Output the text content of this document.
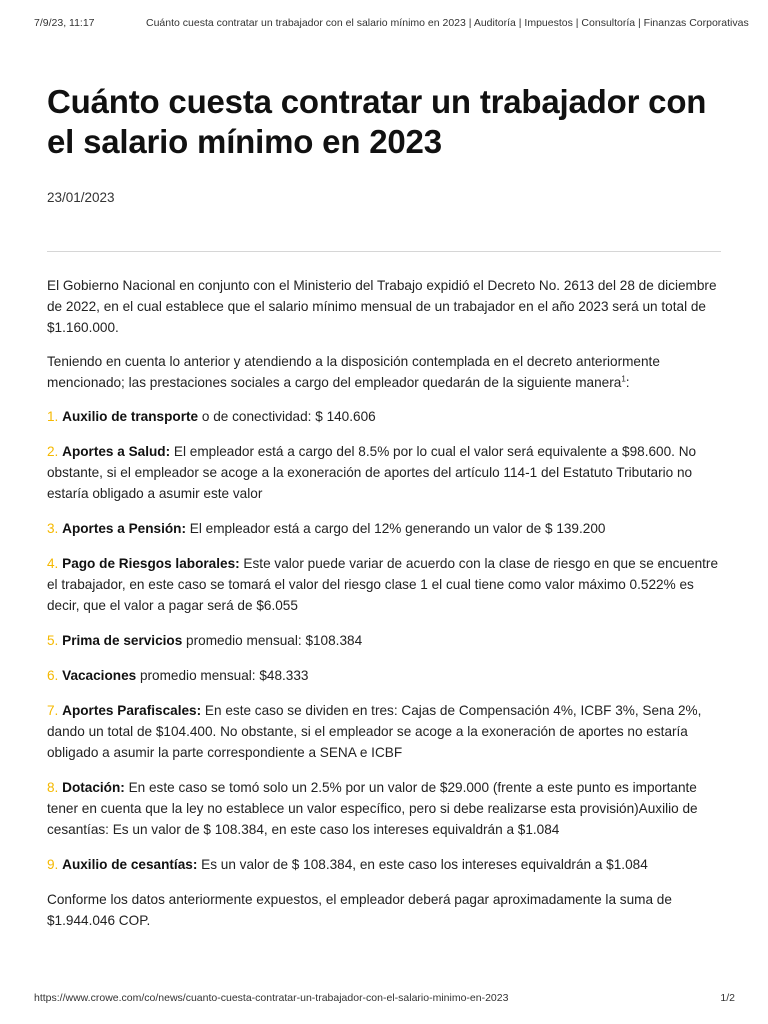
7/9/23, 11:17	Cuánto cuesta contratar un trabajador con el salario mínimo en 2023 | Auditoría | Impuestos | Consultoría | Finanzas Corporativas
Cuánto cuesta contratar un trabajador con el salario mínimo en 2023
23/01/2023

El Gobierno Nacional en conjunto con el Ministerio del Trabajo expidió el Decreto No. 2613 del 28 de diciembre de 2022, en el cual establece que el salario mínimo mensual de un trabajador en el año 2023 será un total de $1.160.000.

Teniendo en cuenta lo anterior y atendiendo a la disposición contemplada en el decreto anteriormente mencionado; las prestaciones sociales a cargo del empleador quedarán de la siguiente manera$^1$:

1. Auxilio de transporte o de conectividad: $ 140.606

2. Aportes a Salud: El empleador está a cargo del 8.5% por lo cual el valor será equivalente a $98.600. No obstante, si el empleador se acoge a la exoneración de aportes del artículo 114-1 del Estatuto Tributario no estaría obligado a asumir este valor

3. Aportes a Pensión: El empleador está a cargo del 12% generando un valor de $ 139.200

4. Pago de Riesgos laborales: Este valor puede variar de acuerdo con la clase de riesgo en que se encuentre el trabajador, en este caso se tomará el valor del riesgo clase 1 el cual tiene como valor máximo 0.522% es decir, que el valor a pagar será de $6.055

5. Prima de servicios promedio mensual: $108.384

6. Vacaciones promedio mensual: $48.333

7. Aportes Parafiscales: En este caso se dividen en tres: Cajas de Compensación 4%, ICBF 3%, Sena 2%, dando un total de $104.400. No obstante, si el empleador se acoge a la exoneración de aportes no estaría obligado a asumir la parte correspondiente a SENA e ICBF

8. Dotación: En este caso se tomó solo un 2.5% por un valor de $29.000 (frente a este punto es importante tener en cuenta que la ley no establece un valor específico, pero si debe realizarse esta provisión)Auxilio de cesantías: Es un valor de $ 108.384, en este caso los intereses equivaldrán a $1.084

9. Auxilio de cesantías: Es un valor de $ 108.384, en este caso los intereses equivaldrán a $1.084

Conforme los datos anteriormente expuestos, el empleador deberá pagar aproximadamente la suma de $1.944.046 COP.

https://www.crowe.com/co/news/cuanto-cuesta-contratar-un-trabajador-con-el-salario-minimo-en-2023	1/2
